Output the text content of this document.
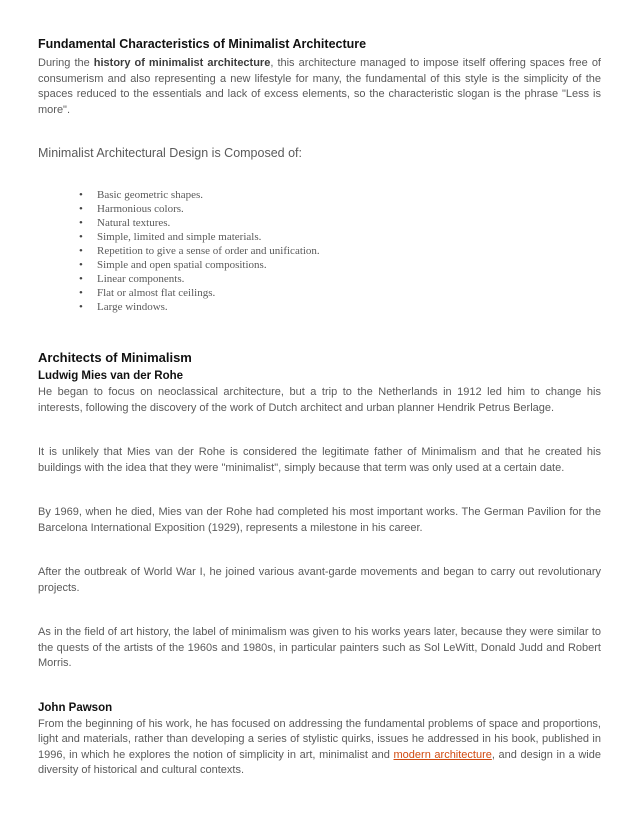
Fundamental Characteristics of Minimalist Architecture

During the history of minimalist architecture, this architecture managed to impose itself offering spaces free of consumerism and also representing a new lifestyle for many, the fundamental of this style is the simplicity of the spaces reduced to the essentials and lack of excess elements, so the characteristic slogan is the phrase "Less is more".

Minimalist Architectural Design is Composed of:

• Basic geometric shapes.
• Harmonious colors.
• Natural textures.
• Simple, limited and simple materials.
• Repetition to give a sense of order and unification.
• Simple and open spatial compositions.
• Linear components.
• Flat or almost flat ceilings.
• Large windows.
Architects of Minimalism
Ludwig Mies van der Rohe

He began to focus on neoclassical architecture, but a trip to the Netherlands in 1912 led him to change his interests, following the discovery of the work of Dutch architect and urban planner Hendrik Petrus Berlage.

It is unlikely that Mies van der Rohe is considered the legitimate father of Minimalism and that he created his buildings with the idea that they were "minimalist", simply because that term was only used at a certain date.

By 1969, when he died, Mies van der Rohe had completed his most important works. The German Pavilion for the Barcelona International Exposition (1929), represents a milestone in his career.

After the outbreak of World War I, he joined various avant-garde movements and began to carry out revolutionary projects.

As in the field of art history, the label of minimalism was given to his works years later, because they were similar to the quests of the artists of the 1960s and 1980s, in particular painters such as Sol LeWitt, Donald Judd and Robert Morris.

John Pawson

From the beginning of his work, he has focused on addressing the fundamental problems of space and proportions, light and materials, rather than developing a series of stylistic quirks, issues he addressed in his book, published in 1996, in which he explores the notion of simplicity in art, minimalist and modern architecture, and design in a wide diversity of historical and cultural contexts.
